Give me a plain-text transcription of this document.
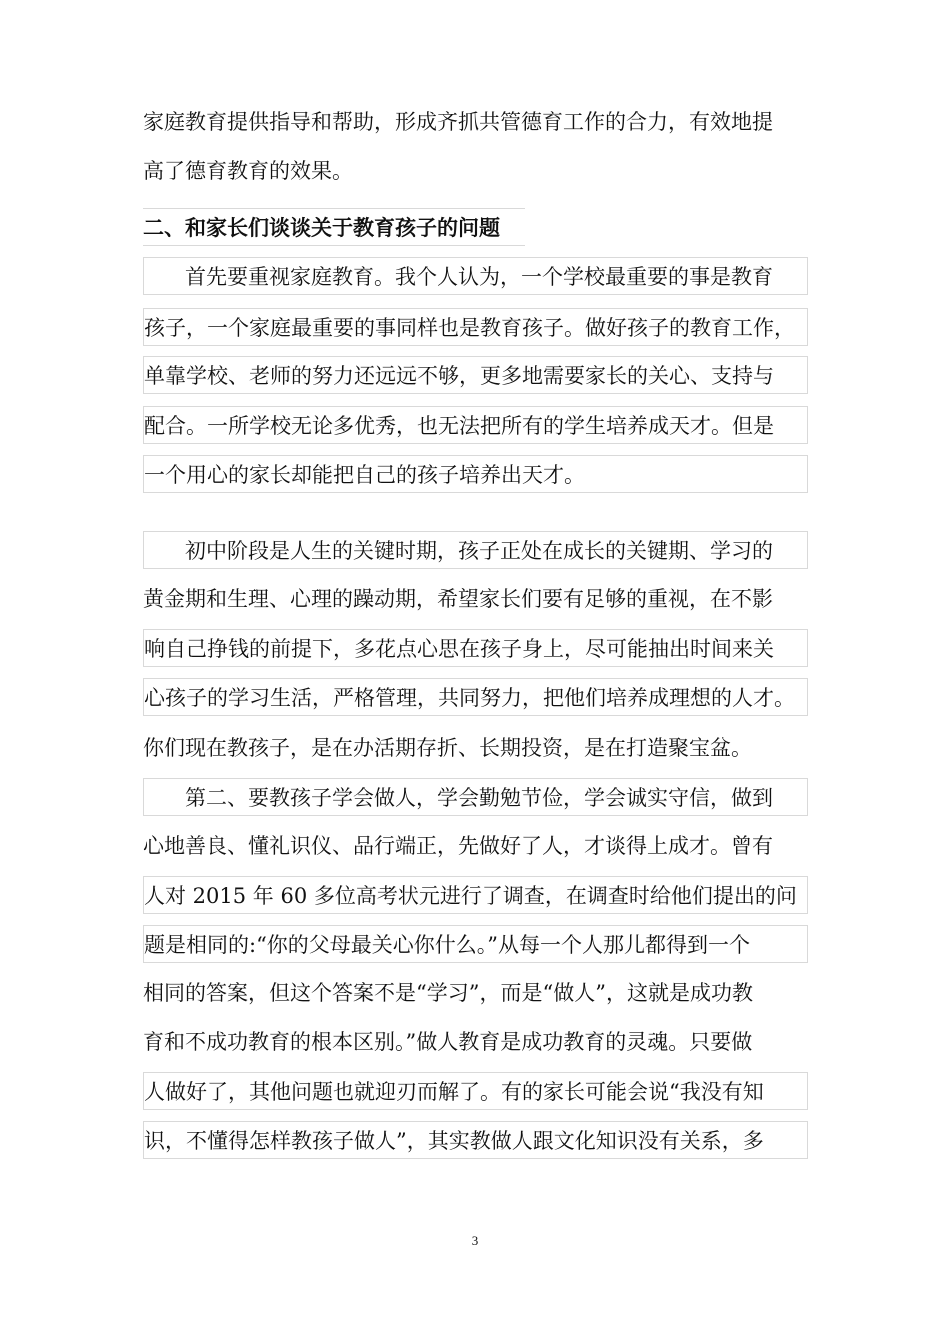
家庭教育提供指导和帮助，形成齐抓共管德育工作的合力，有效地提
高了德育教育的效果。
二、和家长们谈谈关于教育孩子的问题
首先要重视家庭教育。我个人认为，一个学校最重要的事是教育
孩子，一个家庭最重要的事同样也是教育孩子。做好孩子的教育工作，
单靠学校、老师的努力还远远不够，更多地需要家长的关心、支持与
配合。一所学校无论多优秀，也无法把所有的学生培养成天才。但是
一个用心的家长却能把自己的孩子培养出天才。
初中阶段是人生的关键时期，孩子正处在成长的关键期、学习的
黄金期和生理、心理的躁动期，希望家长们要有足够的重视，在不影
响自己挣钱的前提下，多花点心思在孩子身上，尽可能抽出时间来关
心孩子的学习生活，严格管理，共同努力，把他们培养成理想的人才。
你们现在教孩子，是在办活期存折、长期投资，是在打造聚宝盆。
第二、要教孩子学会做人，学会勤勉节俭，学会诚实守信，做到
心地善良、懂礼识仪、品行端正，先做好了人，才谈得上成才。曾有
人对 2015 年 60 多位高考状元进行了调查，在调查时给他们提出的问
题是相同的:“你的父母最关心你什么。”从每一个人那儿都得到一个
相同的答案，但这个答案不是“学习”，而是“做人”，这就是成功教
育和不成功教育的根本区别。”做人教育是成功教育的灵魂。只要做
人做好了，其他问题也就迎刃而解了。有的家长可能会说“我没有知
识，不懂得怎样教孩子做人”，其实教做人跟文化知识没有关系，多
3
